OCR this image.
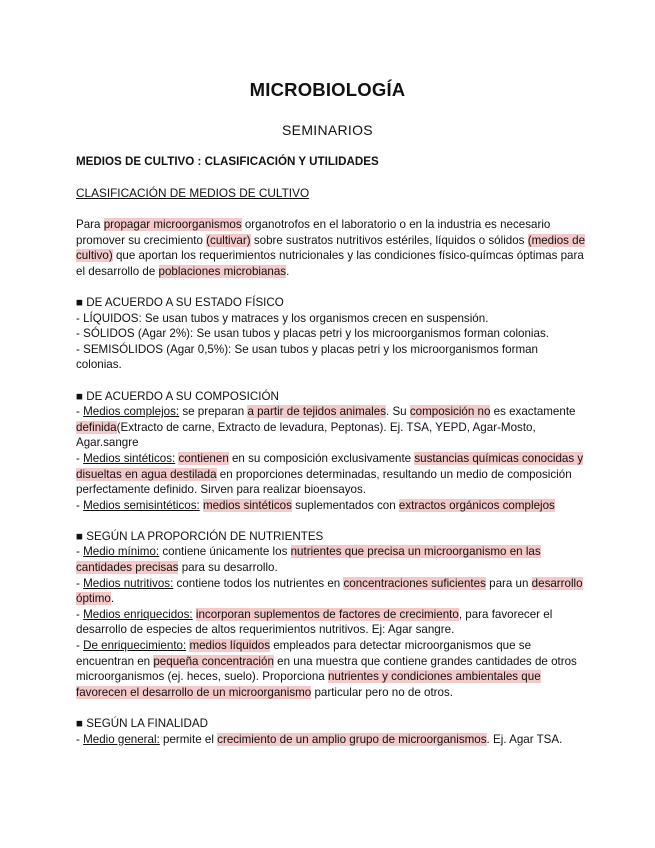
MICROBIOLOGÍA
SEMINARIOS
MEDIOS DE CULTIVO : CLASIFICACIÓN Y UTILIDADES
CLASIFICACIÓN DE MEDIOS DE CULTIVO

Para propagar microorganismos organotrofos en el laboratorio o en la industria es necesario promover su crecimiento (cultivar) sobre sustratos nutritivos estériles, líquidos o sólidos (medios de cultivo) que aportan los requerimientos nutricionales y las condiciones físico-químcas óptimas para el desarrollo de poblaciones microbianas.

■ DE ACUERDO A SU ESTADO FÍSICO

- LÍQUIDOS: Se usan tubos y matraces y los organismos crecen en suspensión.

- SÓLIDOS (Agar 2%): Se usan tubos y placas petri y los microorganismos forman colonias.

- SEMISÓLIDOS (Agar 0,5%): Se usan tubos y placas petri y los microorganismos forman colonias.

■ DE ACUERDO A SU COMPOSICIÓN

- Medios complejos: se preparan a partir de tejidos animales. Su composición no es exactamente definida(Extracto de carne, Extracto de levadura, Peptonas). Ej. TSA, YEPD, Agar-Mosto, Agar.sangre

- Medios sintéticos: contienen en su composición exclusivamente sustancias químicas conocidas y disueltas en agua destilada en proporciones determinadas, resultando un medio de composición perfectamente definido. Sirven para realizar bioensayos.

- Medios semisintéticos: medios sintéticos suplementados con extractos orgánicos complejos

■ SEGÚN LA PROPORCIÓN DE NUTRIENTES

- Medio mínimo: contiene únicamente los nutrientes que precisa un microorganismo en las cantidades precisas para su desarrollo.

- Medios nutritivos: contiene todos los nutrientes en concentraciones suficientes para un desarrollo óptimo.

- Medios enriquecidos: incorporan suplementos de factores de crecimiento, para favorecer el desarrollo de especies de altos requerimientos nutritivos. Ej: Agar sangre.

- De enriquecimiento: medios líquidos empleados para detectar microorganismos que se encuentran en pequeña concentración en una muestra que contiene grandes cantidades de otros microorganismos (ej. heces, suelo). Proporciona nutrientes y condiciones ambientales que favorecen el desarrollo de un microorganismo particular pero no de otros.

■ SEGÚN LA FINALIDAD

- Medio general: permite el crecimiento de un amplio grupo de microorganismos. Ej. Agar TSA.
